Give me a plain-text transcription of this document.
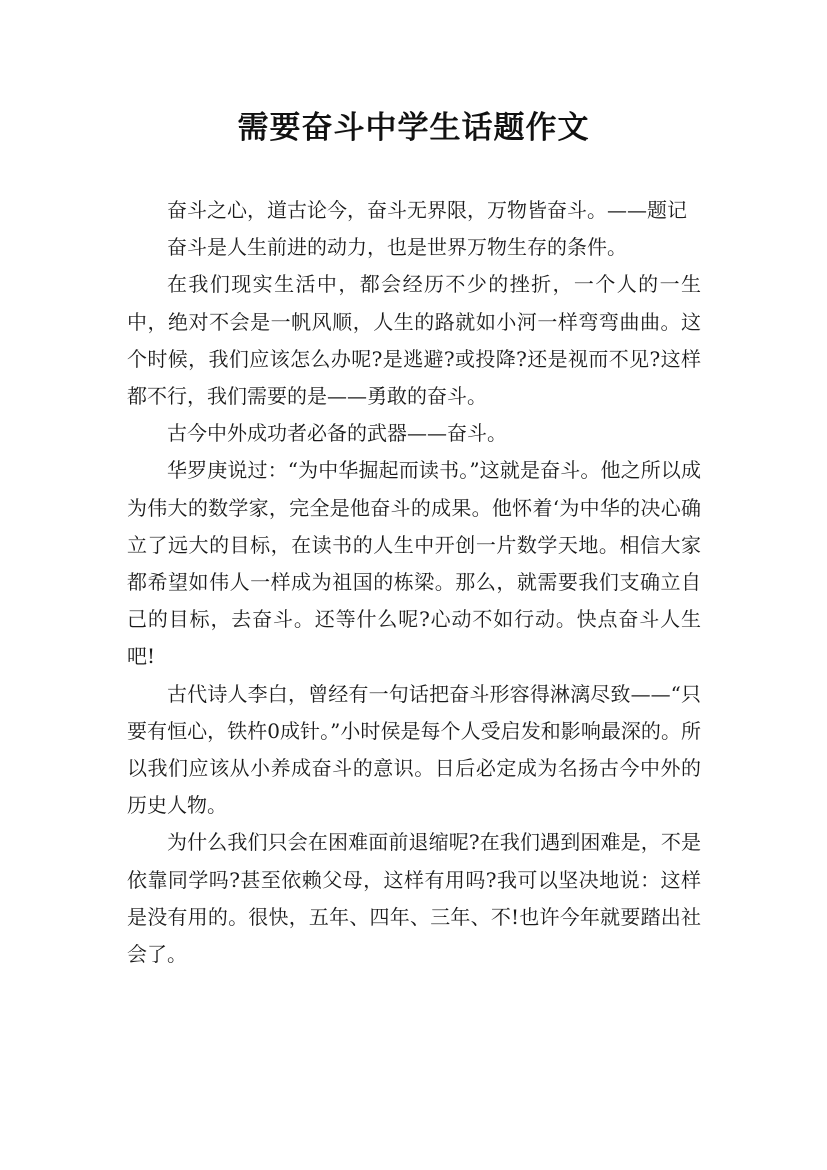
需要奋斗中学生话题作文

奋斗之心，道古论今，奋斗无界限，万物皆奋斗。——题记

奋斗是人生前进的动力，也是世界万物生存的条件。

在我们现实生活中，都会经历不少的挫折，一个人的一生中，绝对不会是一帆风顺，人生的路就如小河一样弯弯曲曲。这个时候，我们应该怎么办呢?是逃避?或投降?还是视而不见?这样都不行，我们需要的是——勇敢的奋斗。

古今中外成功者必备的武器——奋斗。

华罗庚说过：“为中华掘起而读书。”这就是奋斗。他之所以成为伟大的数学家，完全是他奋斗的成果。他怀着‘为中华的决心确立了远大的目标，在读书的人生中开创一片数学天地。相信大家都希望如伟人一样成为祖国的栋梁。那么，就需要我们支确立自己的目标，去奋斗。还等什么呢?心动不如行动。快点奋斗人生吧!

古代诗人李白，曾经有一句话把奋斗形容得淋漓尽致——“只要有恒心，铁杵0成针。”小时侯是每个人受启发和影响最深的。所以我们应该从小养成奋斗的意识。日后必定成为名扬古今中外的历史人物。

为什么我们只会在困难面前退缩呢?在我们遇到困难是，不是依靠同学吗?甚至依赖父母，这样有用吗?我可以坚决地说：这样是没有用的。很快，五年、四年、三年、不!也许今年就要踏出社会了。
